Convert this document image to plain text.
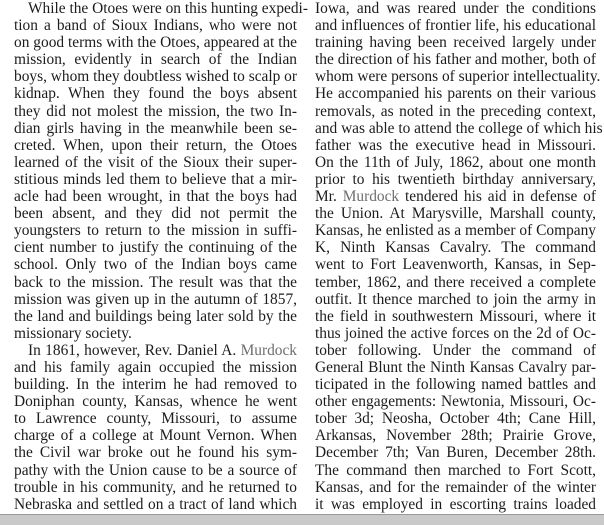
While the Otoes were on this hunting expedi-
tion a band of Sioux Indians, who were not
on good terms with the Otoes, appeared at the
mission, evidently in search of the Indian
boys, whom they doubtless wished to scalp or
kidnap. When they found the boys absent
they did not molest the mission, the two In-
dian girls having in the meanwhile been se-
creted. When, upon their return, the Otoes
learned of the visit of the Sioux their super-
stitious minds led them to believe that a mir-
acle had been wrought, in that the boys had
been absent, and they did not permit the
youngsters to return to the mission in suffi-
cient number to justify the continuing of the
school. Only two of the Indian boys came
back to the mission. The result was that the
mission was given up in the autumn of 1857,
the land and buildings being later sold by the
missionary society.
In 1861, however, Rev. Daniel A. Murdock
and his family again occupied the mission
building. In the interim he had removed to
Doniphan county, Kansas, whence he went
to Lawrence county, Missouri, to assume
charge of a college at Mount Vernon. When
the Civil war broke out he found his sym-
pathy with the Union cause to be a source of
trouble in his community, and he returned to
Nebraska and settled on a tract of land which
Iowa, and was reared under the conditions
and influences of frontier life, his educational
training having been received largely under
the direction of his father and mother, both of
whom were persons of superior intellectuality.
He accompanied his parents on their various
removals, as noted in the preceding context,
and was able to attend the college of which his
father was the executive head in Missouri.
On the 11th of July, 1862, about one month
prior to his twentieth birthday anniversary,
Mr. Murdock tendered his aid in defense of
the Union. At Marysville, Marshall county,
Kansas, he enlisted as a member of Company
K, Ninth Kansas Cavalry. The command
went to Fort Leavenworth, Kansas, in Sep-
tember, 1862, and there received a complete
outfit. It thence marched to join the army in
the field in southwestern Missouri, where it
thus joined the active forces on the 2d of Oc-
tober following. Under the command of
General Blunt the Ninth Kansas Cavalry par-
ticipated in the following named battles and
other engagements: Newtonia, Missouri, Oc-
tober 3d; Neosha, October 4th; Cane Hill,
Arkansas, November 28th; Prairie Grove,
December 7th; Van Buren, December 28th.
The command then marched to Fort Scott,
Kansas, and for the remainder of the winter
it was employed in escorting trains loaded
